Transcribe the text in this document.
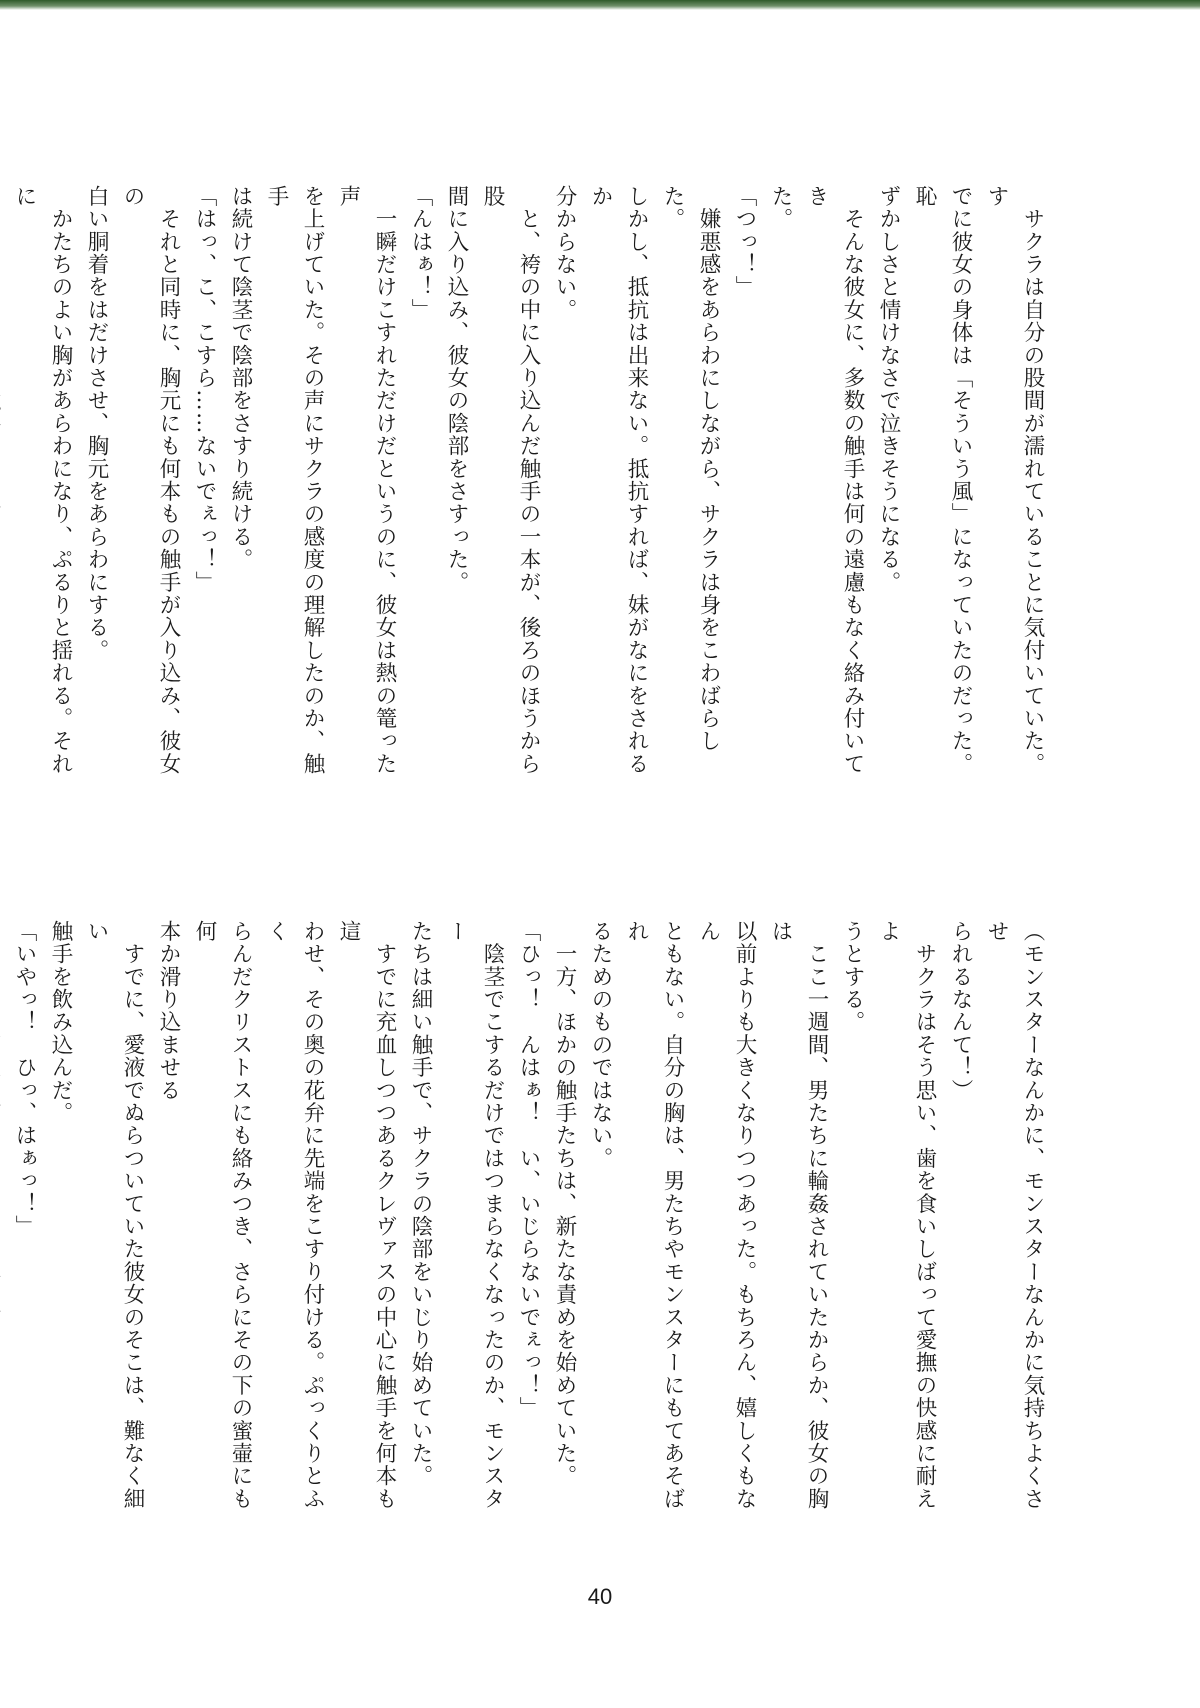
　サクラは自分の股間が濡れていることに気付いていた。す
でに彼女の身体は「そういう風」になっていたのだった。恥
ずかしさと情けなさで泣きそうになる。

　そんな彼女に、多数の触手は何の遠慮もなく絡み付いてき
た。

「つっ！」

　嫌悪感をあらわにしながら、サクラは身をこわばらした。
しかし、抵抗は出来ない。抵抗すれば、妹がなにをされるか
分からない。

　と、袴の中に入り込んだ触手の一本が、後ろのほうから股
間に入り込み、彼女の陰部をさすった。

「んはぁ！」

　一瞬だけこすれただけだというのに、彼女は熱の篭った声
を上げていた。その声にサクラの感度の理解したのか、触手
は続けて陰茎で陰部をさすり続ける。

「はっ、こ、こすら……ないでぇっ！」

　それと同時に、胸元にも何本もの触手が入り込み、彼女の
白い胴着をはだけさせ、胸元をあらわにする。

　かたちのよい胸があらわになり、ぷるりと揺れる。それに

（モンスターなんかに、モンスターなんかに気持ちよくさせ
られるなんて！）

　サクラはそう思い、歯を食いしばって愛撫の快感に耐えよ
うとする。

　ここ一週間、男たちに輪姦されていたからか、彼女の胸は
以前よりも大きくなりつつあった。もちろん、嬉しくもなん
ともない。自分の胸は、男たちやモンスターにもてあそばれ
るためのものではない。

　一方、ほかの触手たちは、新たな責めを始めていた。

「ひっ！　んはぁ！　い、いじらないでぇっ！」

　陰茎でこするだけではつまらなくなったのか、モンスター
たちは細い触手で、サクラの陰部をいじり始めていた。

　すでに充血しつつあるクレヴァスの中心に触手を何本も這
わせ、その奥の花弁に先端をこすり付ける。ぷっくりとふく
らんだクリストスにも絡みつき、さらにその下の蜜壷にも何
本か滑り込ませる

　すでに、愛液でぬらついていた彼女のそこは、難なく細い
触手を飲み込んだ。

「いやっ！　ひっ、はぁっ！」

40
